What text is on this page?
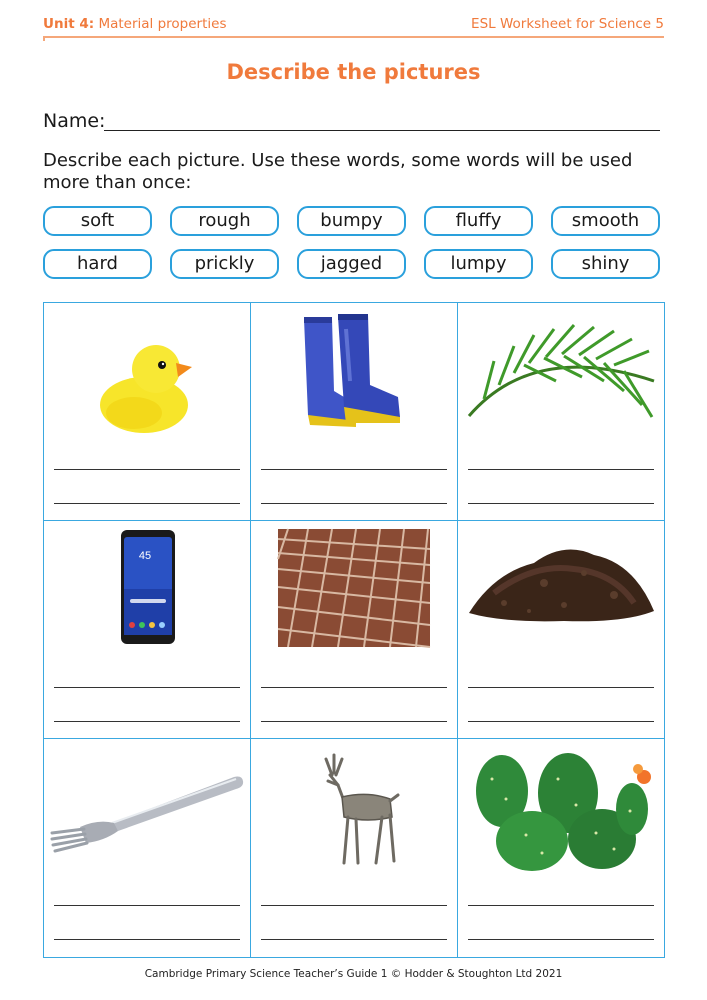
Unit 4: Material properties	ESL Worksheet for Science 5
Describe the pictures
Name:
Describe each picture. Use these words, some words will be used more than once:
soft	rough	bumpy	fluffy	smooth
hard	prickly	jagged	lumpy	shiny
45
Cambridge Primary Science Teacher’s Guide 1 © Hodder & Stoughton Ltd 2021
